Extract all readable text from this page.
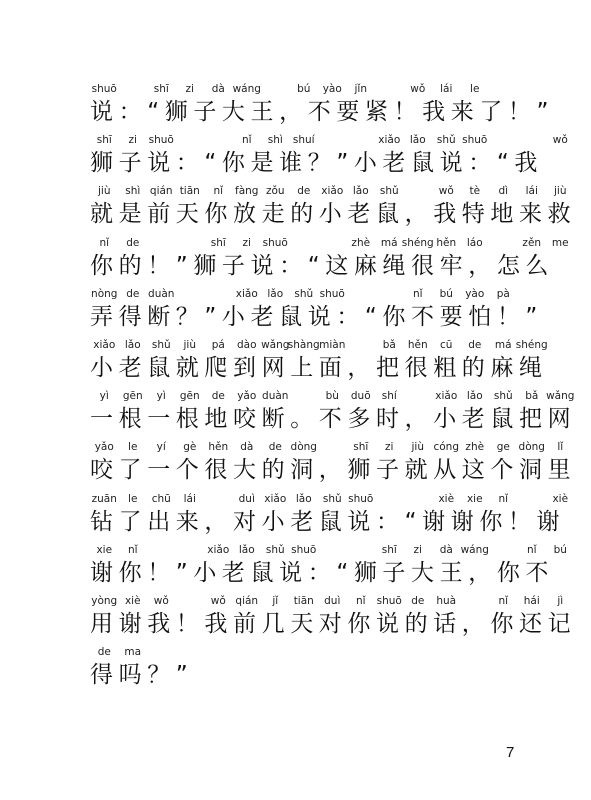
shuō	shī zi dà wáng	bú yào jǐn	wǒ lái le
说：“狮子大王，不要紧！我来了！”
shī zi shuō	nǐ shì shuí	xiǎo lǎo shǔ shuō	wǒ
狮子说：“你是谁？”小老鼠说：“我
jiù shì qián tiān nǐ fàng zǒu de xiǎo lǎo shǔ	wǒ tè dì lái jiù
就是前天你放走的小老鼠，我特地来救
nǐ de	shī zi shuō	zhè má shéng hěn láo	zěn me
你的！”狮子说：“这麻绳很牢，怎么
nòng de duàn	xiǎo lǎo shǔ shuō	nǐ bú yào pà
弄得断？”小老鼠说：“你不要怕！”
xiǎo lǎo shǔ jiù pá dào wǎng
shàng miàn	bǎ hěn cū de má shéng
小老鼠就爬到网上面，把很粗的麻绳
yì gēn yì gēn de yǎo duàn	bù duō shí	xiǎo lǎo shǔ bǎ wǎng
一根一根地咬断。不多时，小老鼠把网
yǎo le yí gè hěn dà de dòng	shī zi jiù cóng zhè ge dòng lǐ
咬了一个很大的洞，狮子就从这个洞里
zuān le chū lái	duì xiǎo lǎo shǔ shuō	xiè xie nǐ	xiè
钻了出来，对小老鼠说：“谢谢你！谢
xie nǐ	xiǎo lǎo shǔ shuō	shī zi dà wáng	nǐ bú
谢你！”小老鼠说：“狮子大王，你不
yòng xiè wǒ	wǒ qián jǐ tiān duì nǐ shuō de huà	nǐ hái jì
用谢我！我前几天对你说的话，你还记
de ma
得吗？”
7
